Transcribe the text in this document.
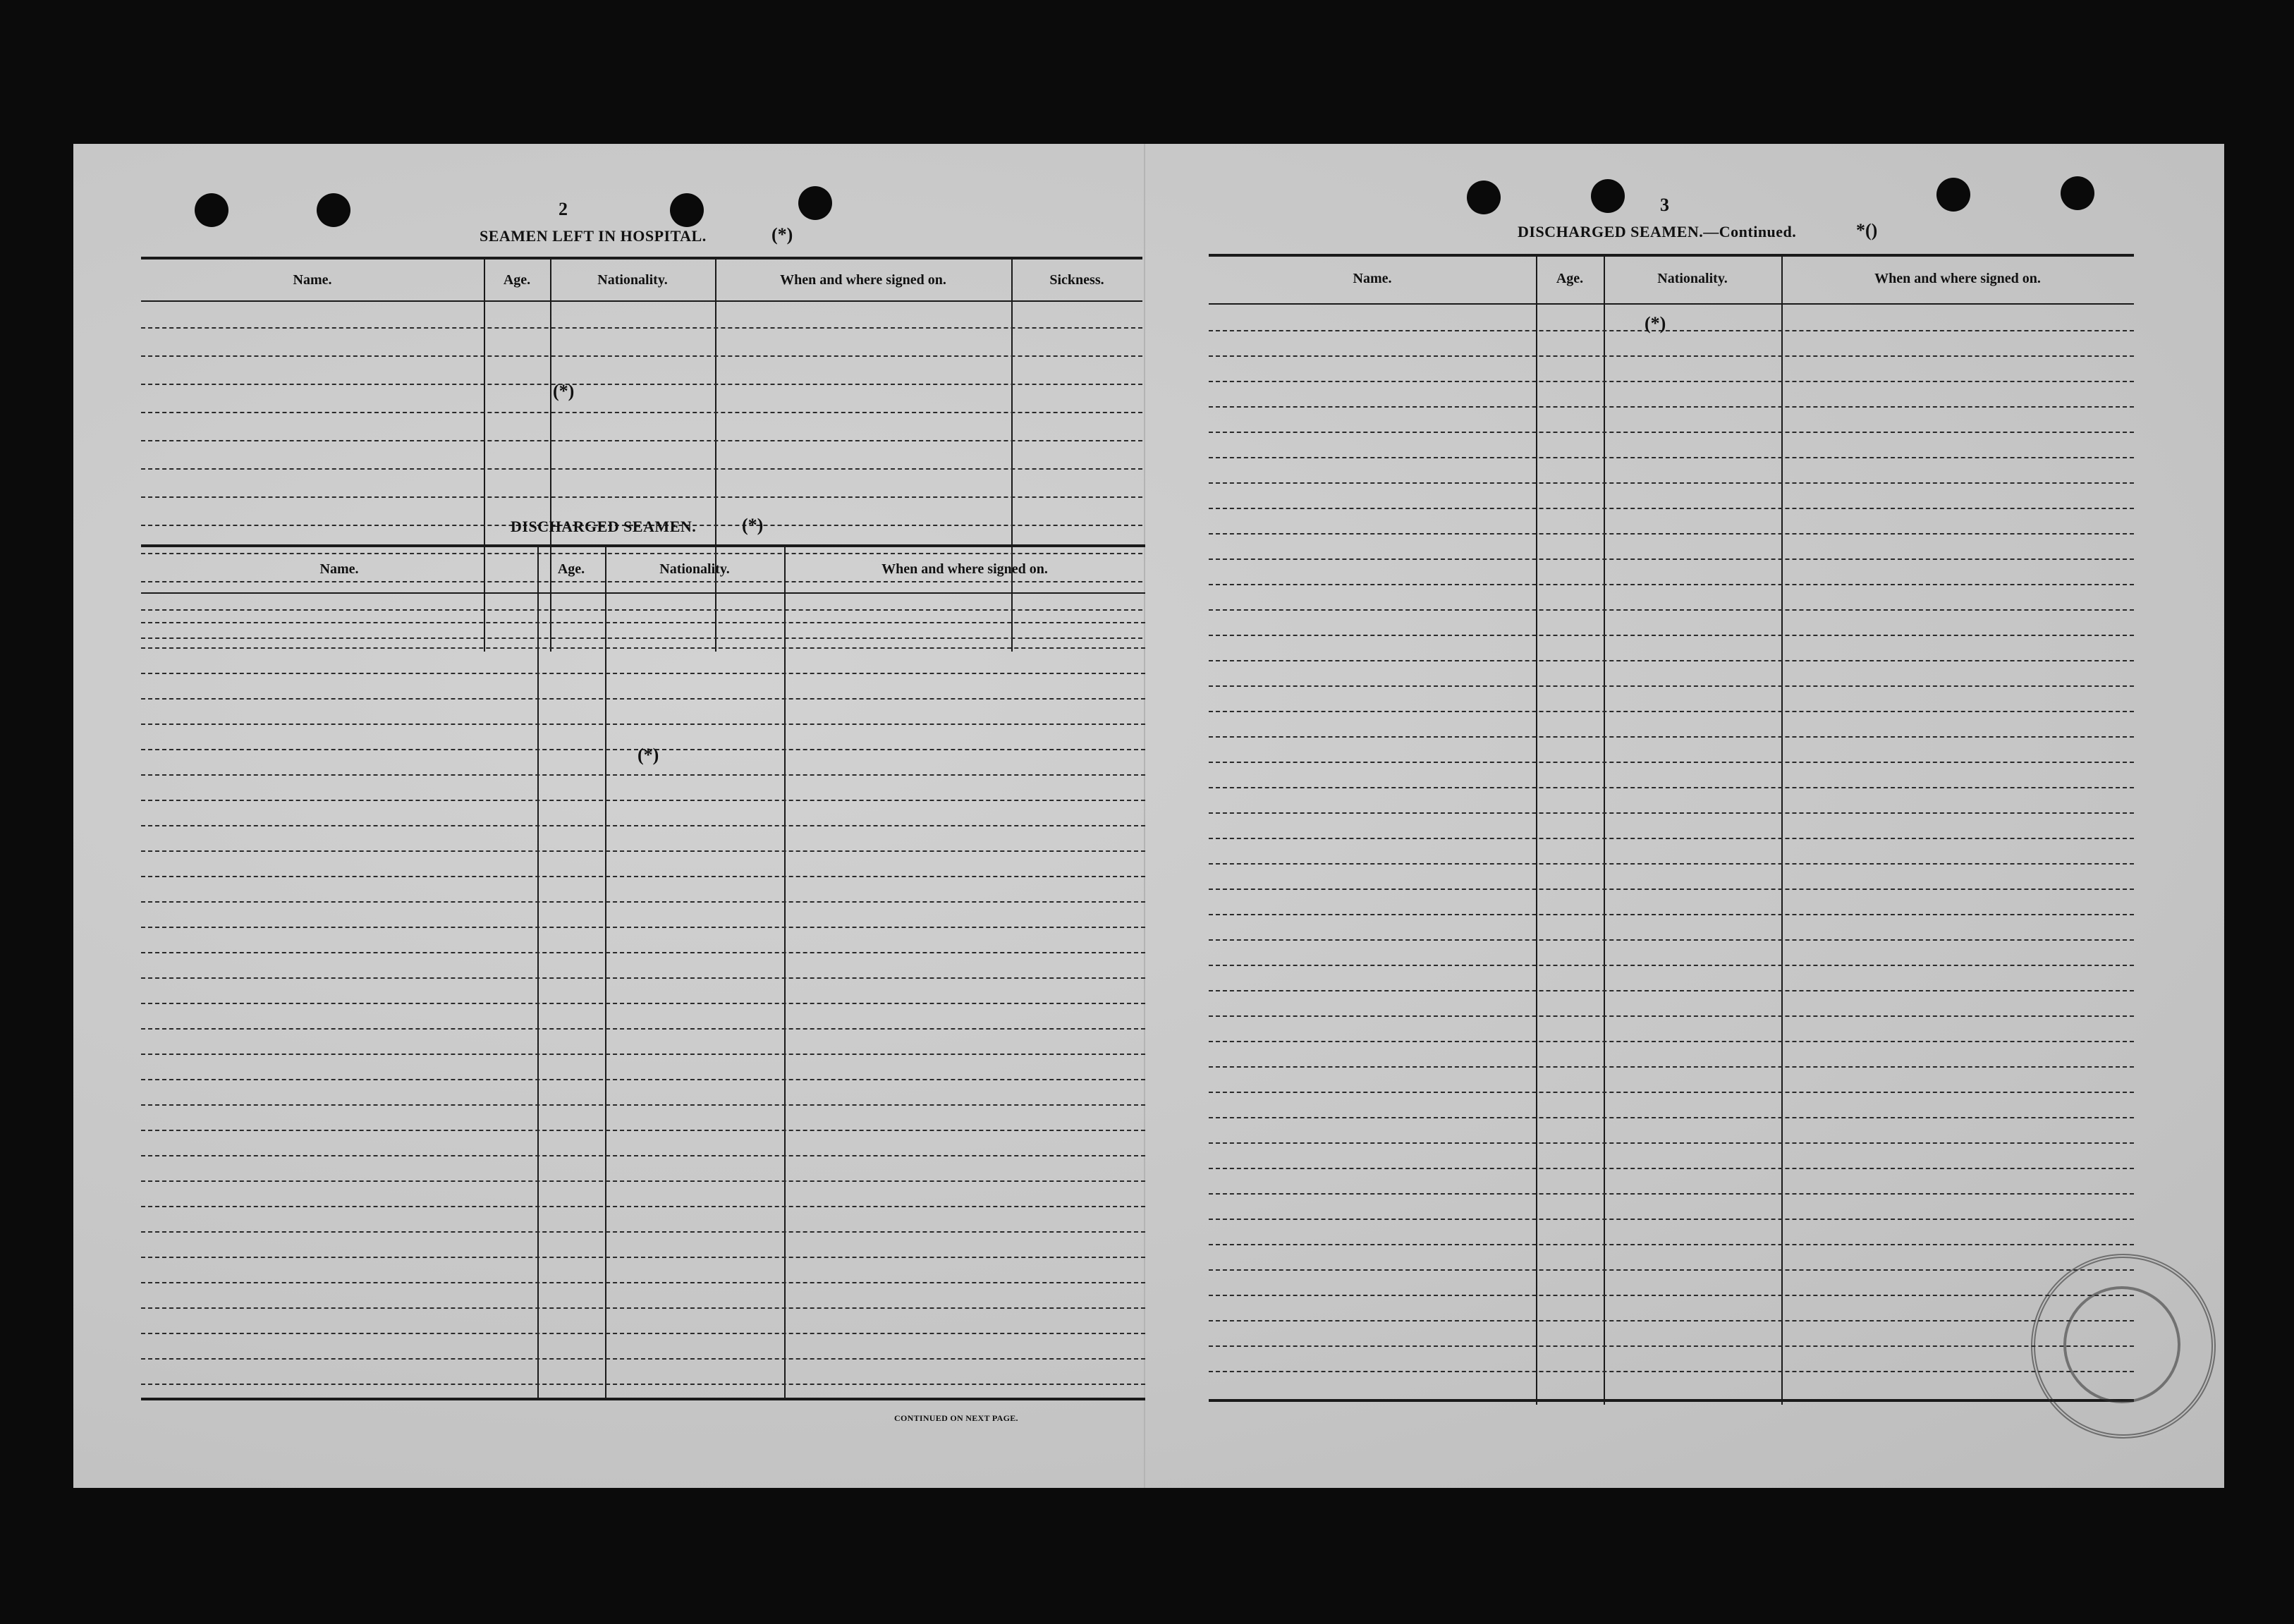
2
SEAMEN LEFT IN HOSPITAL.	(*)
Name.	Age.	Nationality.	When and where signed on.	Sickness.
(*)
DISCHARGED SEAMEN. (*)
Name.	Age.	Nationality.	When and where signed on.
(*)
CONTINUED ON NEXT PAGE.
3
DISCHARGED SEAMEN.—Continued.	*()
Name.	Age.	Nationality.	When and where signed on.
(*)
